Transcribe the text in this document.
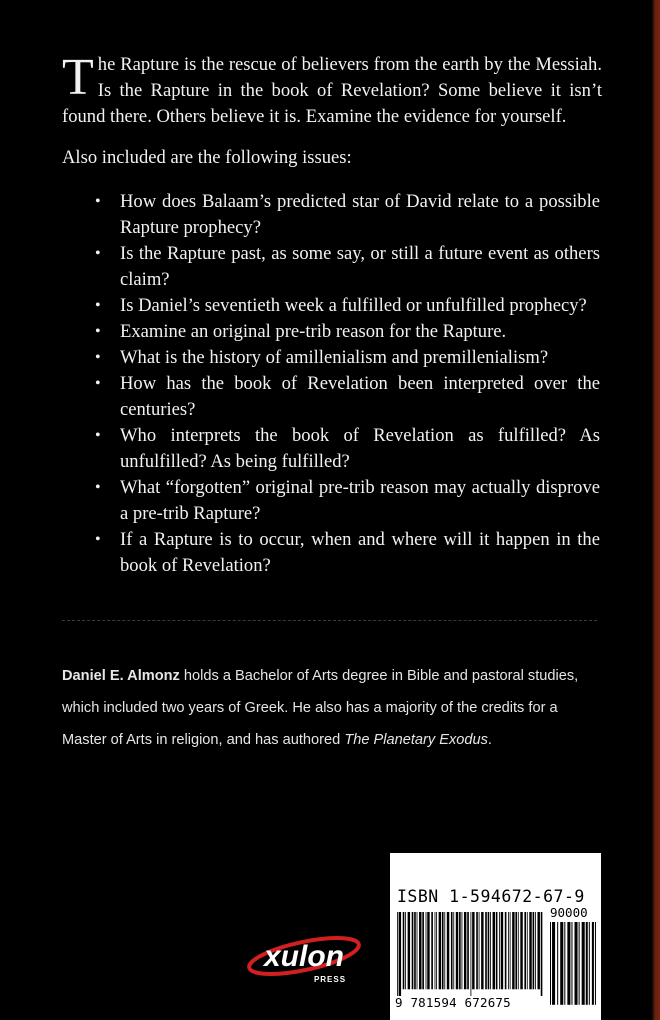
The Rapture is the rescue of believers from the earth by the Messiah. Is the Rapture in the book of Revelation? Some believe it isn’t found there. Others believe it is. Examine the evidence for yourself.
Also included are the following issues:
• How does Balaam’s predicted star of David relate to a possible Rapture prophecy?
• Is the Rapture past, as some say, or still a future event as others claim?
• Is Daniel’s seventieth week a fulfilled or unfulfilled prophecy?
• Examine an original pre-trib reason for the Rapture.
• What is the history of amillenialism and premillenialism?
• How has the book of Revelation been interpreted over the centuries?
• Who interprets the book of Revelation as fulfilled? As unfulfilled? As being fulfilled?
• What “forgotten” original pre-trib reason may actually disprove a pre-trib Rapture?
• If a Rapture is to occur, when and where will it happen in the book of Revelation?
Daniel E. Almonz holds a Bachelor of Arts degree in Bible and pastoral studies, which included two years of Greek. He also has a majority of the credits for a Master of Arts in religion, and has authored The Planetary Exodus.
xulon
PRESS
ISBN 1-594672-67-9
90000
9 781594 672675
